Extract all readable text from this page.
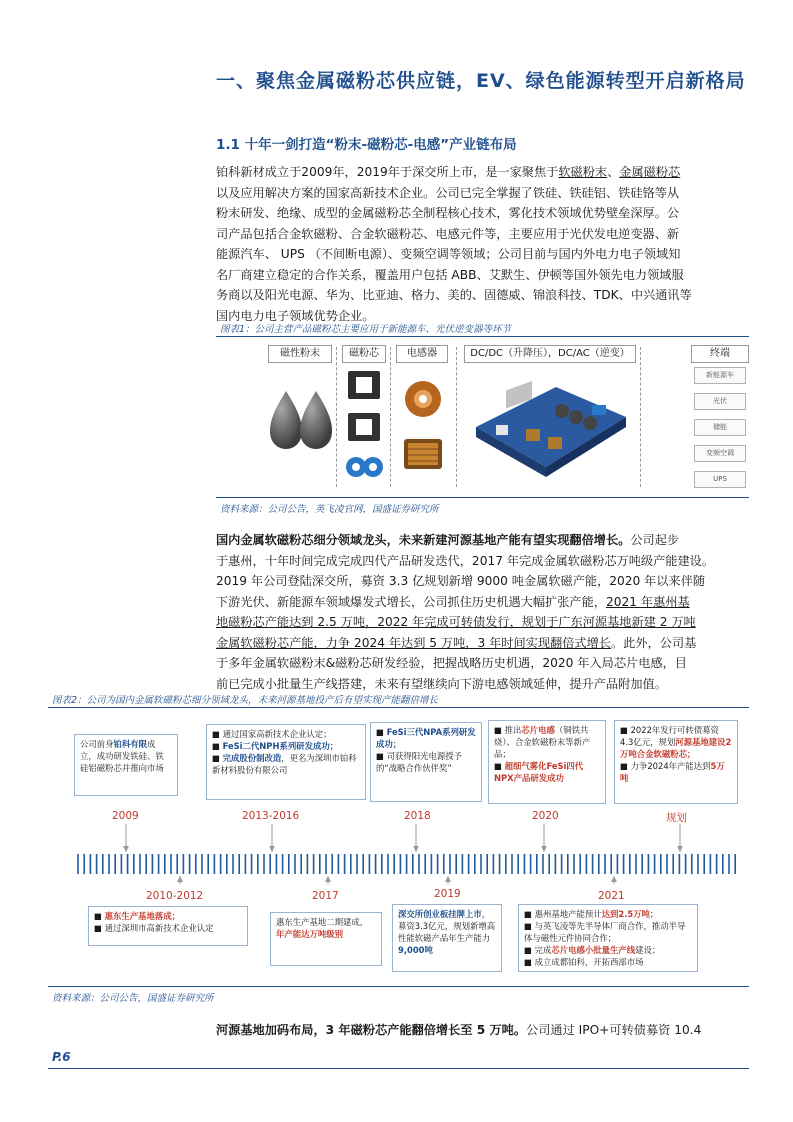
一、聚焦金属磁粉芯供应链，EV、绿色能源转型开启新格局
1.1 十年一剑打造“粉末-磁粉芯-电感”产业链布局

铂科新材成立于2009年，2019年于深交所上市，是一家聚焦于软磁粉末、金属磁粉芯

以及应用解决方案的国家高新技术企业。公司已完全掌握了铁硅、铁硅铝、铁硅铬等从

粉末研发、绝缘、成型的金属磁粉芯全制程核心技术，雾化技术领域优势壁垒深厚。公

司产品包括合金软磁粉、合金软磁粉芯、电感元件等，主要应用于光伏发电逆变器、新

能源汽车、 UPS （不间断电源）、变频空调等领域；公司目前与国内外电力电子领域知

名厂商建立稳定的合作关系，覆盖用户包括 ABB、艾默生、伊顿等国外领先电力领域服

务商以及阳光电源、华为、比亚迪、格力、美的、固德威、锦浪科技、TDK、中兴通讯等

国内电力电子领域优势企业。

图表1：公司主营产品磁粉芯主要应用于新能源车、光伏逆变器等环节
磁性粉末	磁粉芯	电感器	DC/DC（升降压），DC/AC（逆变）	终端
新能源车
光伏
储能
变频空调
UPS
资料来源：公司公告，英飞凌官网，国盛证券研究所

国内金属软磁粉芯细分领域龙头，未来新建河源基地产能有望实现翻倍增长。公司起步

于惠州，十年时间完成完成四代产品研发迭代，2017 年完成金属软磁粉芯万吨级产能建设。

2019 年公司登陆深交所，募资 3.3 亿规划新增 9000 吨金属软磁产能，2020 年以来伴随

下游光伏、新能源车领域爆发式增长，公司抓住历史机遇大幅扩张产能，2021 年惠州基

地磁粉芯产能达到 2.5 万吨，2022 年完成可转债发行，规划于广东河源基地新建 2 万吨

金属软磁粉芯产能，力争 2024 年达到 5 万吨，3 年时间实现翻倍式增长。此外，公司基

于多年金属软磁粉末&磁粉芯研发经验，把握战略历史机遇，2020 年入局芯片电感，目

前已完成小批量生产线搭建，未来有望继续向下游电感领域延伸，提升产品附加值。

图表2：公司为国内金属软磁粉芯细分领域龙头，未来河源基地投产后有望实现产能翻倍增长

公司前身铂科有限成立，成功研发铁硅、铁硅铝磁粉芯并推向市场

■ 通过国家高新技术企业认定；

■ FeSi二代NPH系列研发成功；

■ 完成股份制改造，更名为深圳市铂科新材料股份有限公司

■ FeSi三代NPA系列研发成功；

■ 司获得阳光电源授予的“战略合作伙伴奖”

■ 推出芯片电感（铜铁共烧）、合金软磁粉末等新产品；

■ 超细气雾化FeSi四代NPX产品研发成功

■ 2022年发行可转债募资4.3亿元，规划河源基地建设2万吨合金软磁粉芯；

■ 力争2024年产能达到5万吨

2009	2013-2016	2018	2020	规划
2010-2012	2017	2019	2021

■ 惠东生产基地落成；

■ 通过深圳市高新技术企业认定

惠东生产基地二期建成，年产能达万吨级别

深交所创业板挂牌上市，募资3.3亿元，规划新增高性能软磁产品年生产能力9,000吨

■ 惠州基地产能预计达到2.5万吨；

■ 与英飞凌等先半导体厂商合作，推动半导体与磁性元件协同合作；

■ 完成芯片电感小批量生产线建设；

■ 成立成都铂科，开拓西部市场

资料来源：公司公告，国盛证券研究所
河源基地加码布局，3 年磁粉芯产能翻倍增长至 5 万吨。公司通过 IPO+可转债募资 10.4
P.6
